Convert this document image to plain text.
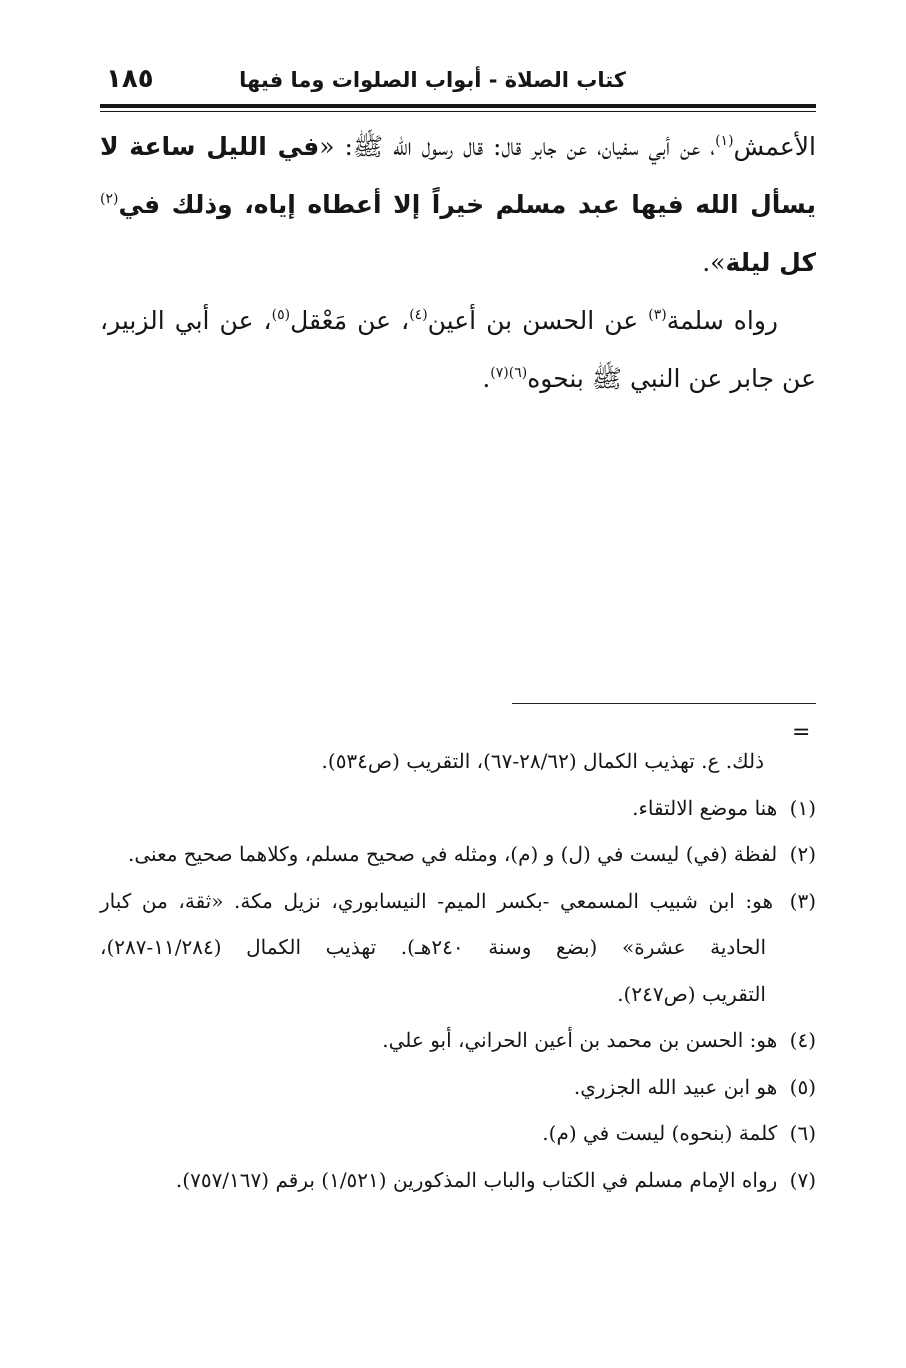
كتاب الصلاة - أبواب الصلوات وما فيها
١٨٥

الأعمش$^{(١)}$، عن أبي سفيان، عن جابر قال: قال رسول الله ﷺ: «في الليل ساعة لا يسأل الله فيها عبد مسلم خيراً إلا أعطاه إياه، وذلك في$^{(٢)}$ كل ليلة».

رواه سلمة$^{(٣)}$ عن الحسن بن أعين$^{(٤)}$، عن مَعْقل$^{(٥)}$، عن أبي الزبير، عن جابر عن النبي ﷺ بنحوه$^{(٦)(٧)}$.

=

ذلك. ع. تهذيب الكمال (٢٨/٦٢-٦٧)، التقريب (ص٥٣٤).

(١) هنا موضع الالتقاء.

(٢) لفظة (في) ليست في (ل) و (م)، ومثله في صحيح مسلم، وكلاهما صحيح معنى.

(٣) هو: ابن شبيب المسمعي -بكسر الميم- النيسابوري، نزيل مكة. «ثقة، من كبار

الحادية عشرة» (بضع وسنة ٢٤٠هـ). تهذيب الكمال (١١/٢٨٤-٢٨٧)،

التقريب (ص٢٤٧).

(٤) هو: الحسن بن محمد بن أعين الحراني، أبو علي.

(٥) هو ابن عبيد الله الجزري.

(٦) كلمة (بنحوه) ليست في (م).

(٧) رواه الإمام مسلم في الكتاب والباب المذكورين (١/٥٢١) برقم (٧٥٧/١٦٧).
